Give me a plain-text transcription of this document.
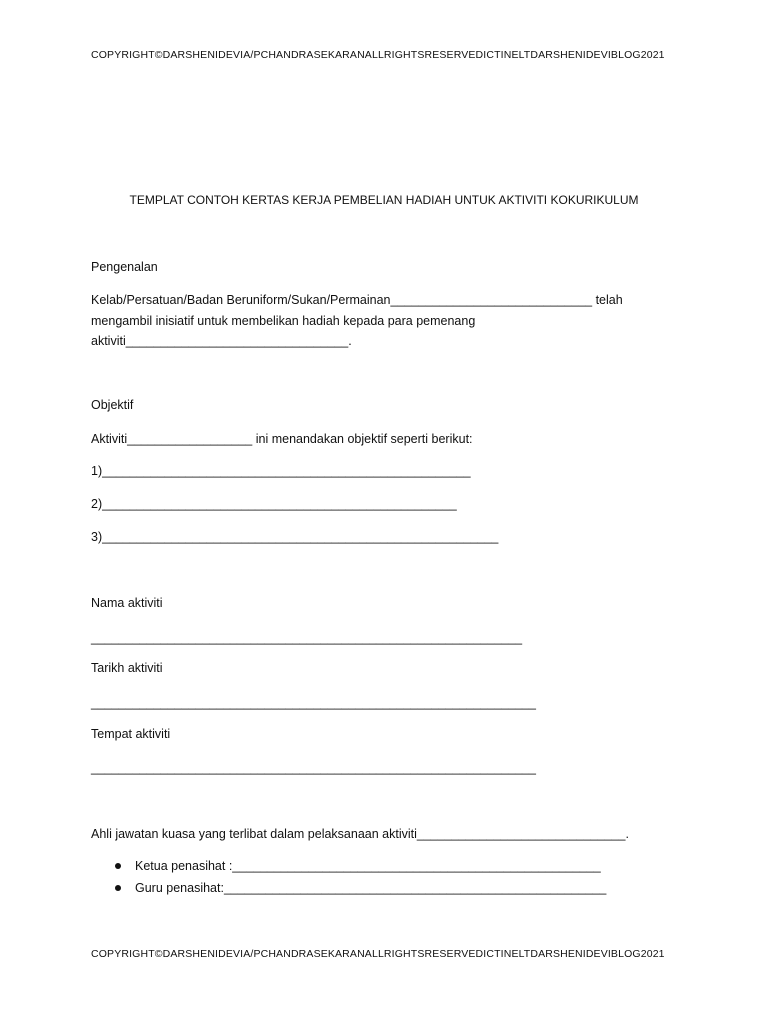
COPYRIGHT©DARSHENIDEVIA/PCHANDRASEKARANALLRIGHTSRESERVEDICTINELTDARSHENIDEVIBLOG2021
TEMPLAT CONTOH KERTAS KERJA PEMBELIAN HADIAH UNTUK AKTIVITI KOKURIKULUM
Pengenalan
Kelab/Persatuan/Badan Beruniform/Sukan/Permainan_____________________________ telah
mengambil inisiatif untuk membelikan hadiah kepada para pemenang
aktiviti________________________________.
Objektif
Aktiviti__________________ ini menandakan objektif seperti berikut:
1)_____________________________________________________
2)___________________________________________________
3)_________________________________________________________
Nama aktiviti
______________________________________________________________
Tarikh aktiviti
________________________________________________________________
Tempat aktiviti
________________________________________________________________
Ahli jawatan kuasa yang terlibat dalam pelaksanaan aktiviti______________________________.
Ketua penasihat :_____________________________________________________
Guru penasihat:_______________________________________________________
COPYRIGHT©DARSHENIDEVIA/PCHANDRASEKARANALLRIGHTSRESERVEDICTINELTDARSHENIDEVIBLOG2021
